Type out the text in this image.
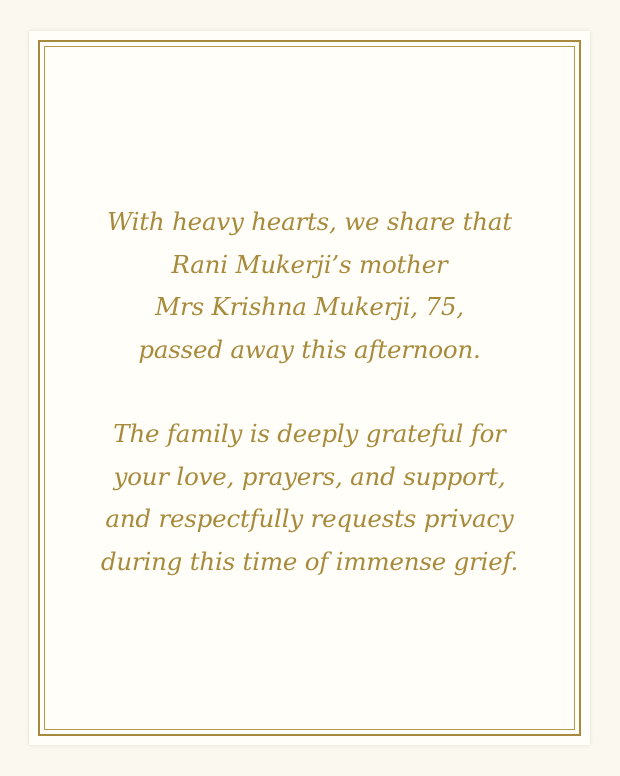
With heavy hearts, we share that
Rani Mukerji’s mother
Mrs Krishna Mukerji, 75,
passed away this afternoon.

The family is deeply grateful for
your love, prayers, and support,
and respectfully requests privacy
during this time of immense grief.
